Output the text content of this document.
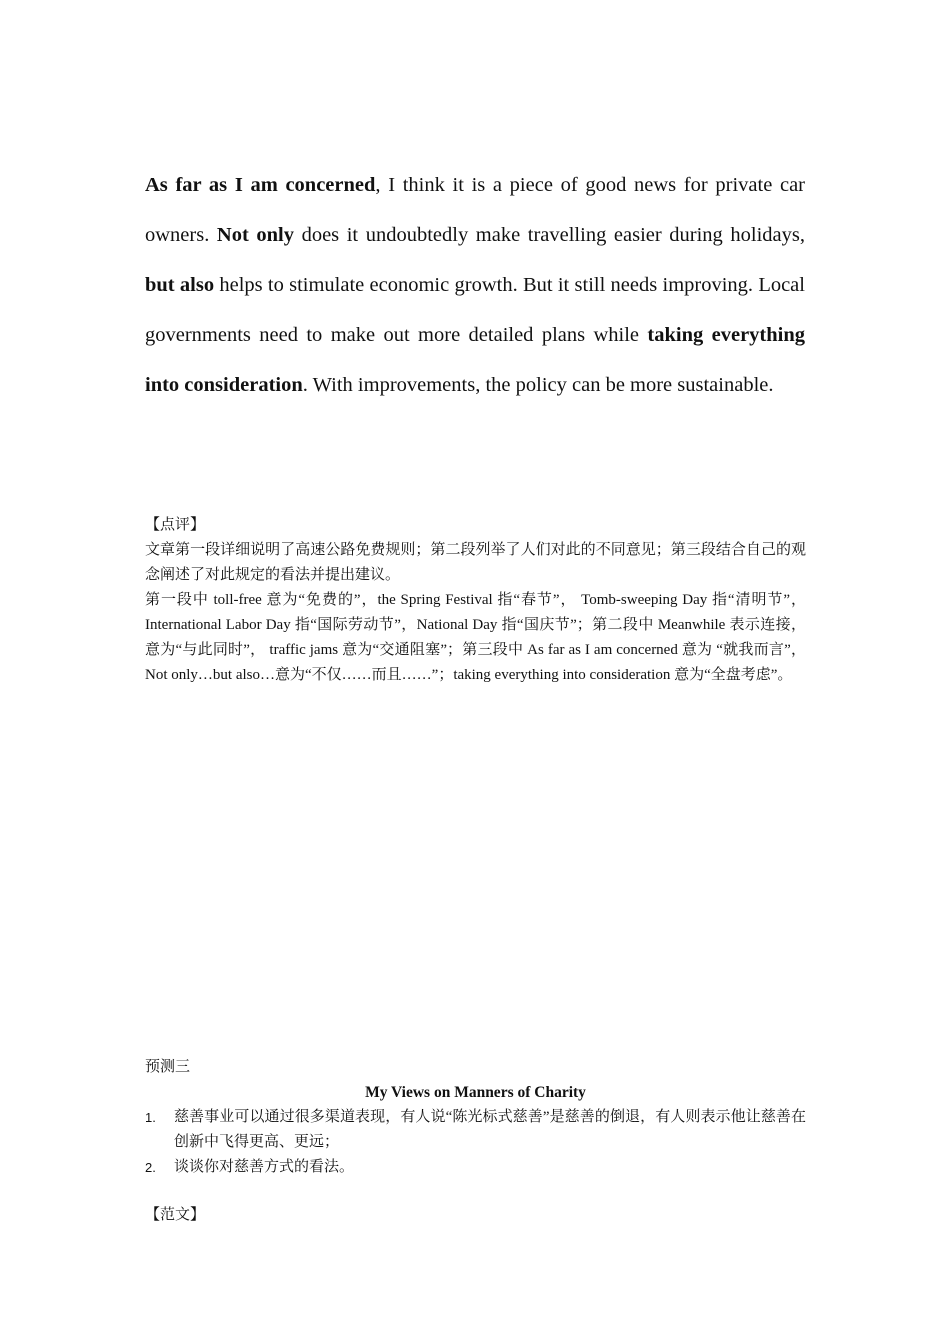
As far as I am concerned, I think it is a piece of good news for private car owners. Not only does it undoubtedly make travelling easier during holidays, but also helps to stimulate economic growth. But it still needs improving. Local governments need to make out more detailed plans while taking everything into consideration. With improvements, the policy can be more sustainable.

【点评】

文章第一段详细说明了高速公路免费规则；第二段列举了人们对此的不同意见；第三段结合自己的观念阐述了对此规定的看法并提出建议。

第一段中 toll-free 意为“免费的”，the Spring Festival 指“春节”， Tomb-sweeping Day 指“清明节”，International Labor Day 指“国际劳动节”，National Day 指“国庆节”；第二段中 Meanwhile 表示连接，意为“与此同时”， traffic jams 意为“交通阻塞”；第三段中 As far as I am concerned 意为 “就我而言”， Not only…but also…意为“不仅……而且……”；taking everything into consideration 意为“全盘考虑”。

预测三

My Views on Manners of Charity

1. 慈善事业可以通过很多渠道表现，有人说“陈光标式慈善”是慈善的倒退，有人则表示他让慈善在创新中飞得更高、更远；
2. 谈谈你对慈善方式的看法。

【范文】
